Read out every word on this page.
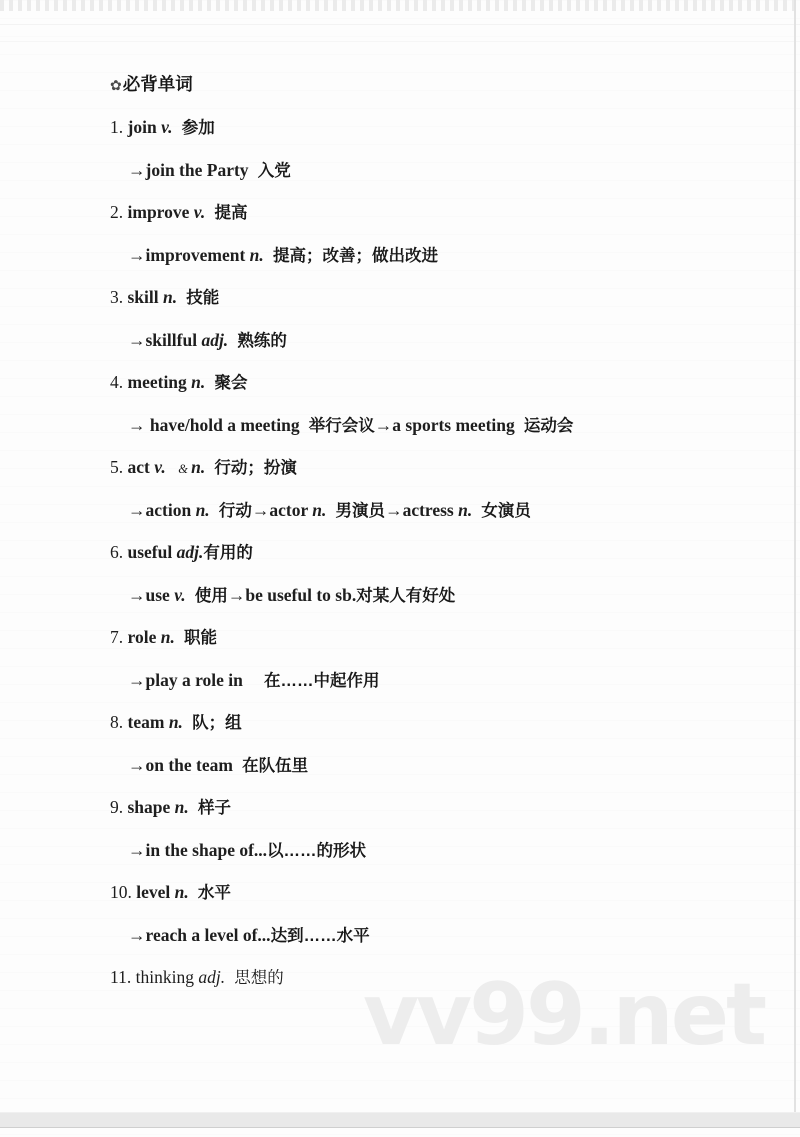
vv99.net
✿必背单词
1. join v.  参加
→join the Party  入党
2. improve v.  提高
→improvement n.  提高；改善；做出改进
3. skill n.  技能
→skillful adj.  熟练的
4. meeting n.  聚会
→ have/hold a meeting  举行会议→a sports meeting  运动会
5. act v.    & n.  行动；扮演
→action n.  行动→actor n.  男演员→actress n.  女演员
6. useful adj.有用的
→use v.  使用→be useful to sb.对某人有好处
7. role n.  职能
→play a role in　 在……中起作用
8. team n.  队；组
→on the team  在队伍里
9. shape n.  样子
→in the shape of...以……的形状
10. level n.  水平
→reach a level of...达到……水平
11. thinking adj.  思想的
